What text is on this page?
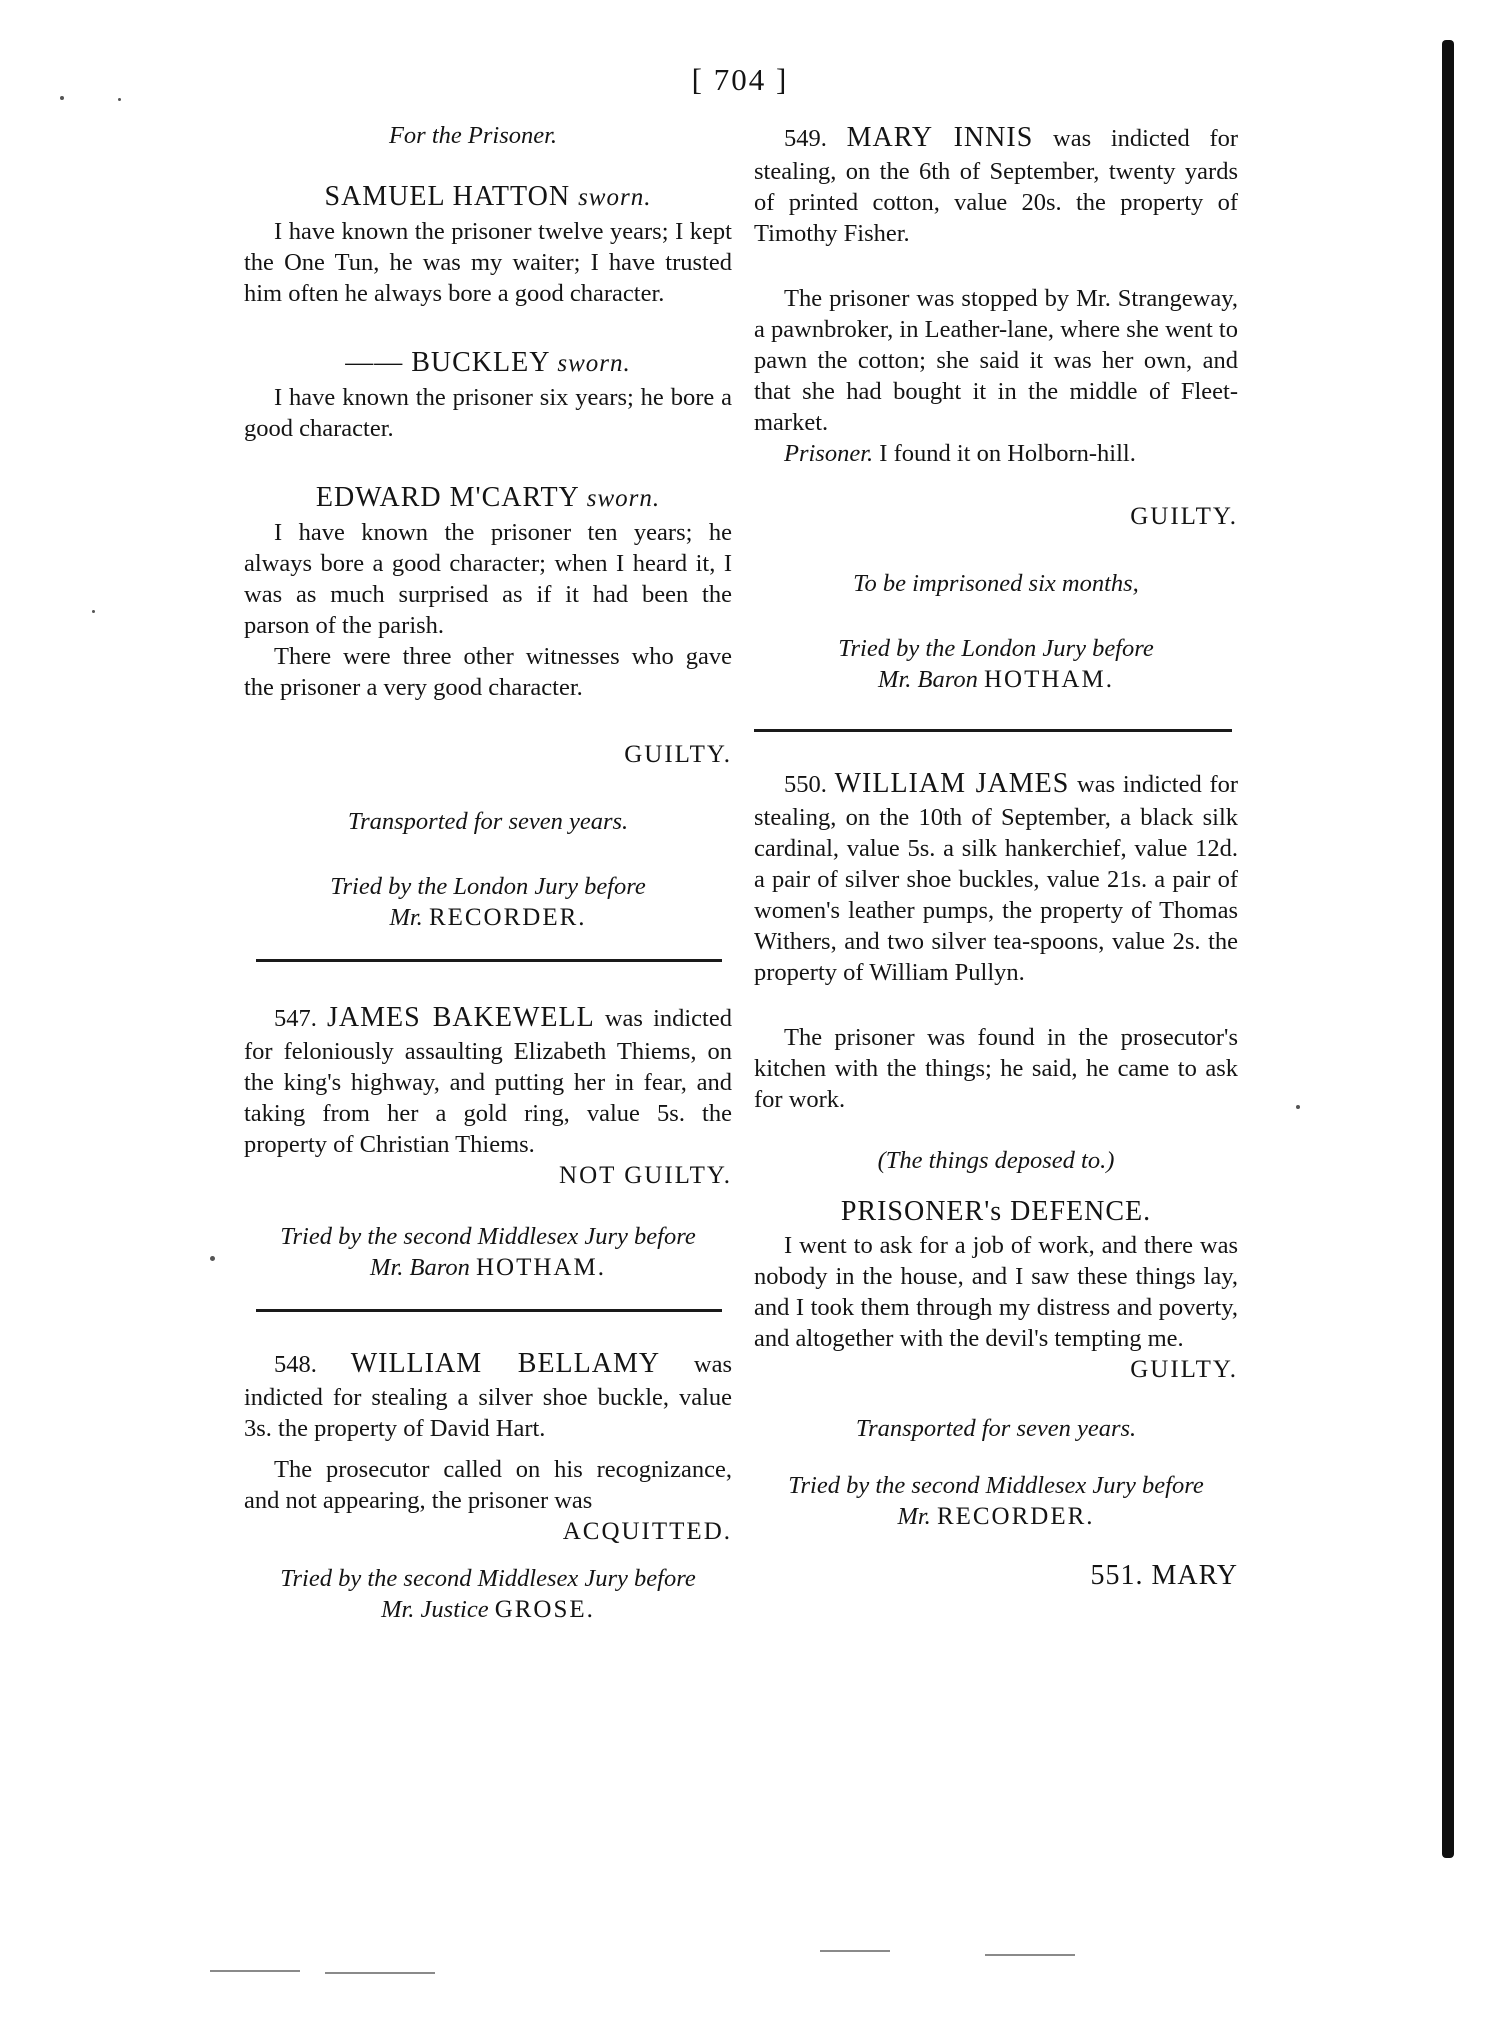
[ 704 ]

For the Prisoner.

SAMUEL HATTON sworn.

I have known the prisoner twelve years; I kept the One Tun, he was my waiter; I have trusted him often he always bore a good character.

—— BUCKLEY sworn.

I have known the prisoner six years; he bore a good character.

EDWARD M'CARTY sworn.

I have known the prisoner ten years; he always bore a good character; when I heard it, I was as much surprised as if it had been the parson of the parish.

There were three other witnesses who gave the prisoner a very good character.

GUILTY.

Transported for seven years.

Tried by the London Jury before

Mr. RECORDER.

547. JAMES BAKEWELL was indicted for feloniously assaulting Elizabeth Thiems, on the king's highway, and putting her in fear, and taking from her a gold ring, value 5s. the property of Christian Thiems.

NOT GUILTY.

Tried by the second Middlesex Jury before

Mr. Baron HOTHAM.

548. WILLIAM BELLAMY was indicted for stealing a silver shoe buckle, value 3s. the property of David Hart.

The prosecutor called on his recognizance, and not appearing, the prisoner was

ACQUITTED.

Tried by the second Middlesex Jury before

Mr. Justice GROSE.

549. MARY INNIS was indicted for stealing, on the 6th of September, twenty yards of printed cotton, value 20s. the property of Timothy Fisher.

The prisoner was stopped by Mr. Strangeway, a pawnbroker, in Leather-lane, where she went to pawn the cotton; she said it was her own, and that she had bought it in the middle of Fleet-market.

Prisoner. I found it on Holborn-hill.

GUILTY.

To be imprisoned six months,

Tried by the London Jury before

Mr. Baron HOTHAM.

550. WILLIAM JAMES was indicted for stealing, on the 10th of September, a black silk cardinal, value 5s. a silk hankerchief, value 12d. a pair of silver shoe buckles, value 21s. a pair of women's leather pumps, the property of Thomas Withers, and two silver tea-spoons, value 2s. the property of William Pullyn.

The prisoner was found in the prosecutor's kitchen with the things; he said, he came to ask for work.

(The things deposed to.)

PRISONER's DEFENCE.

I went to ask for a job of work, and there was nobody in the house, and I saw these things lay, and I took them through my distress and poverty, and altogether with the devil's tempting me.

GUILTY.

Transported for seven years.

Tried by the second Middlesex Jury before

Mr. RECORDER.

551. MARY
